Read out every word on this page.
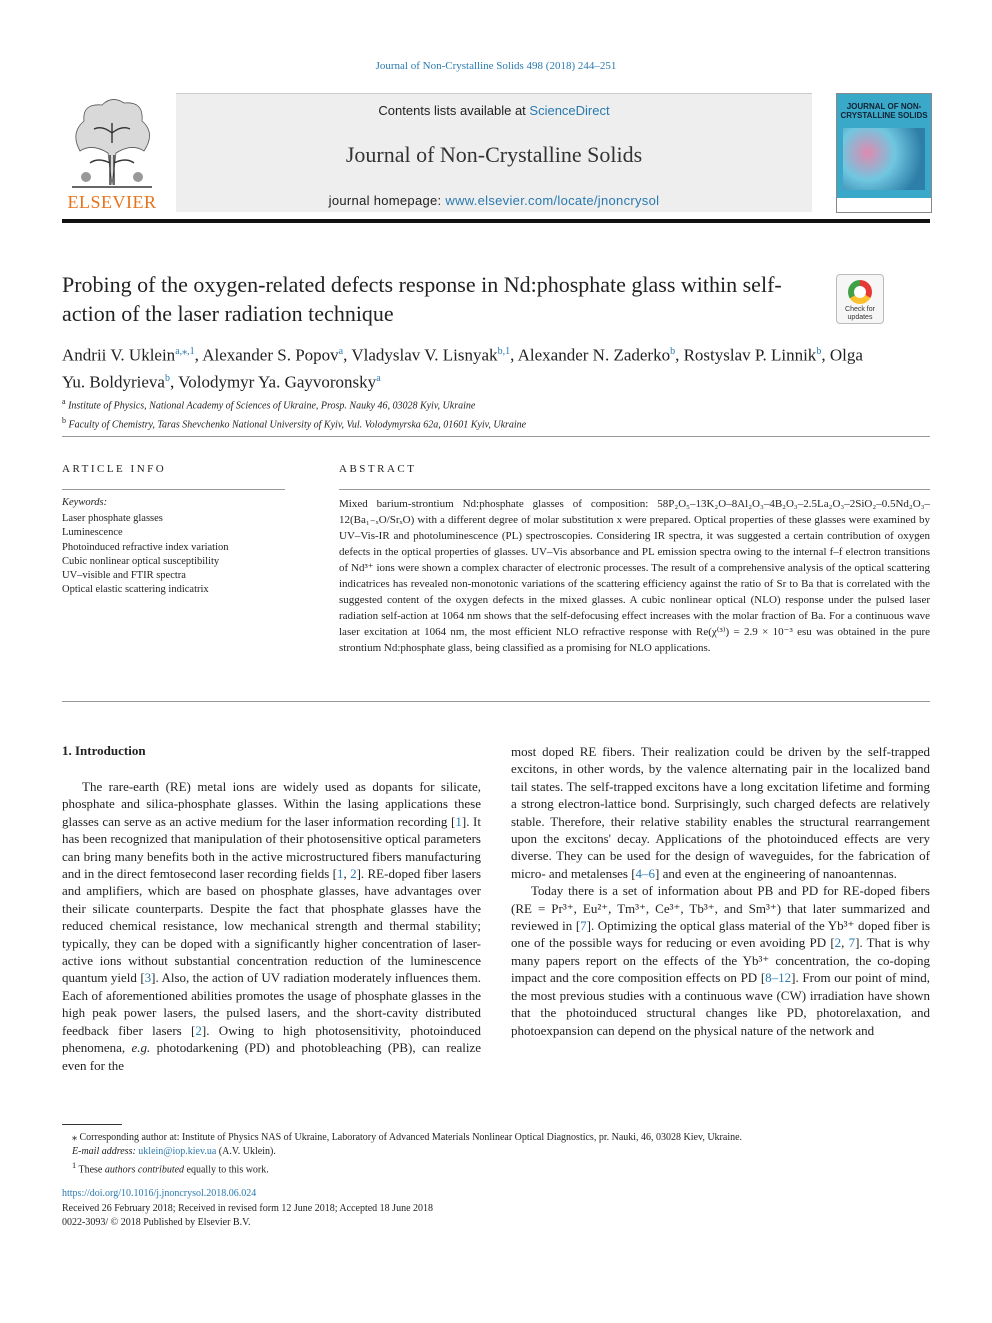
Journal of Non-Crystalline Solids 498 (2018) 244–251
ELSEVIER
Contents lists available at ScienceDirect
Journal of Non-Crystalline Solids
journal homepage: www.elsevier.com/locate/jnoncrysol
JOURNAL OF NON-CRYSTALLINE SOLIDS
Probing of the oxygen-related defects response in Nd:phosphate glass within self-action of the laser radiation technique	Check for updates
Andrii V. Uklein$^{a,⁎,1}$, Alexander S. Popov$^a$, Vladyslav V. Lisnyak$^{b,1}$, Alexander N. Zaderko$^b$, Rostyslav P. Linnik$^b$, Olga Yu. Boldyrieva$^b$, Volodymyr Ya. Gayvoronsky$^a$
$^a$ Institute of Physics, National Academy of Sciences of Ukraine, Prosp. Nauky 46, 03028 Kyiv, Ukraine
$^b$ Faculty of Chemistry, Taras Shevchenko National University of Kyiv, Vul. Volodymyrska 62a, 01601 Kyiv, Ukraine
ARTICLE INFO
Keywords:
Laser phosphate glasses
Luminescence
Photoinduced refractive index variation
Cubic nonlinear optical susceptibility
UV–visible and FTIR spectra
Optical elastic scattering indicatrix
ABSTRACT
Mixed barium-strontium Nd:phosphate glasses of composition: 58P₂O₅–13K₂O–8Al₂O₃–4B₂O₃–2.5La₂O₃–2SiO₂–0.5Nd₂O₃–12(Ba₁₋ₓO/SrₓO) with a different degree of molar substitution x were prepared. Optical properties of these glasses were examined by UV–Vis-IR and photoluminescence (PL) spectroscopies. Considering IR spectra, it was suggested a certain contribution of oxygen defects in the optical properties of glasses. UV–Vis absorbance and PL emission spectra owing to the internal f–f electron transitions of Nd³⁺ ions were shown a complex character of electronic processes. The result of a comprehensive analysis of the optical scattering indicatrices has revealed non-monotonic variations of the scattering efficiency against the ratio of Sr to Ba that is correlated with the suggested content of the oxygen defects in the mixed glasses. A cubic nonlinear optical (NLO) response under the pulsed laser radiation self-action at 1064 nm shows that the self-defocusing effect increases with the molar fraction of Ba. For a continuous wave laser excitation at 1064 nm, the most efficient NLO refractive response with Re(χ⁽³⁾) = 2.9 × 10⁻³ esu was obtained in the pure strontium Nd:phosphate glass, being classified as a promising for NLO applications.
1. Introduction

The rare-earth (RE) metal ions are widely used as dopants for silicate, phosphate and silica-phosphate glasses. Within the lasing applications these glasses can serve as an active medium for the laser information recording [1]. It has been recognized that manipulation of their photosensitive optical parameters can bring many benefits both in the active microstructured fibers manufacturing and in the direct femtosecond laser recording fields [1, 2]. RE-doped fiber lasers and amplifiers, which are based on phosphate glasses, have advantages over their silicate counterparts. Despite the fact that phosphate glasses have the reduced chemical resistance, low mechanical strength and thermal stability; typically, they can be doped with a significantly higher concentration of laser-active ions without substantial concentration reduction of the luminescence quantum yield [3]. Also, the action of UV radiation moderately influences them. Each of aforementioned abilities promotes the usage of phosphate glasses in the high peak power lasers, the pulsed lasers, and the short-cavity distributed feedback fiber lasers [2]. Owing to high photosensitivity, photoinduced phenomena, e.g. photodarkening (PD) and photobleaching (PB), can realize even for the

most doped RE fibers. Their realization could be driven by the self-trapped excitons, in other words, by the valence alternating pair in the localized band tail states. The self-trapped excitons have a long excitation lifetime and forming a strong electron-lattice bond. Surprisingly, such charged defects are relatively stable. Therefore, their relative stability enables the structural rearrangement upon the excitons' decay. Applications of the photoinduced effects are very diverse. They can be used for the design of waveguides, for the fabrication of micro- and metalenses [4–6] and even at the engineering of nanoantennas.

Today there is a set of information about PB and PD for RE-doped fibers (RE = Pr³⁺, Eu²⁺, Tm³⁺, Ce³⁺, Tb³⁺, and Sm³⁺) that later summarized and reviewed in [7]. Optimizing the optical glass material of the Yb³⁺ doped fiber is one of the possible ways for reducing or even avoiding PD [2, 7]. That is why many papers report on the effects of the Yb³⁺ concentration, the co-doping impact and the core composition effects on PD [8–12]. From our point of mind, the most previous studies with a continuous wave (CW) irradiation have shown that the photoinduced structural changes like PD, photorelaxation, and photoexpansion can depend on the physical nature of the network and

⁎ Corresponding author at: Institute of Physics NAS of Ukraine, Laboratory of Advanced Materials Nonlinear Optical Diagnostics, pr. Nauki, 46, 03028 Kiev, Ukraine.
E-mail address: uklein@iop.kiev.ua (A.V. Uklein).
$^1$ These authors contributed equally to this work.
https://doi.org/10.1016/j.jnoncrysol.2018.06.024
Received 26 February 2018; Received in revised form 12 June 2018; Accepted 18 June 2018
0022-3093/ © 2018 Published by Elsevier B.V.
